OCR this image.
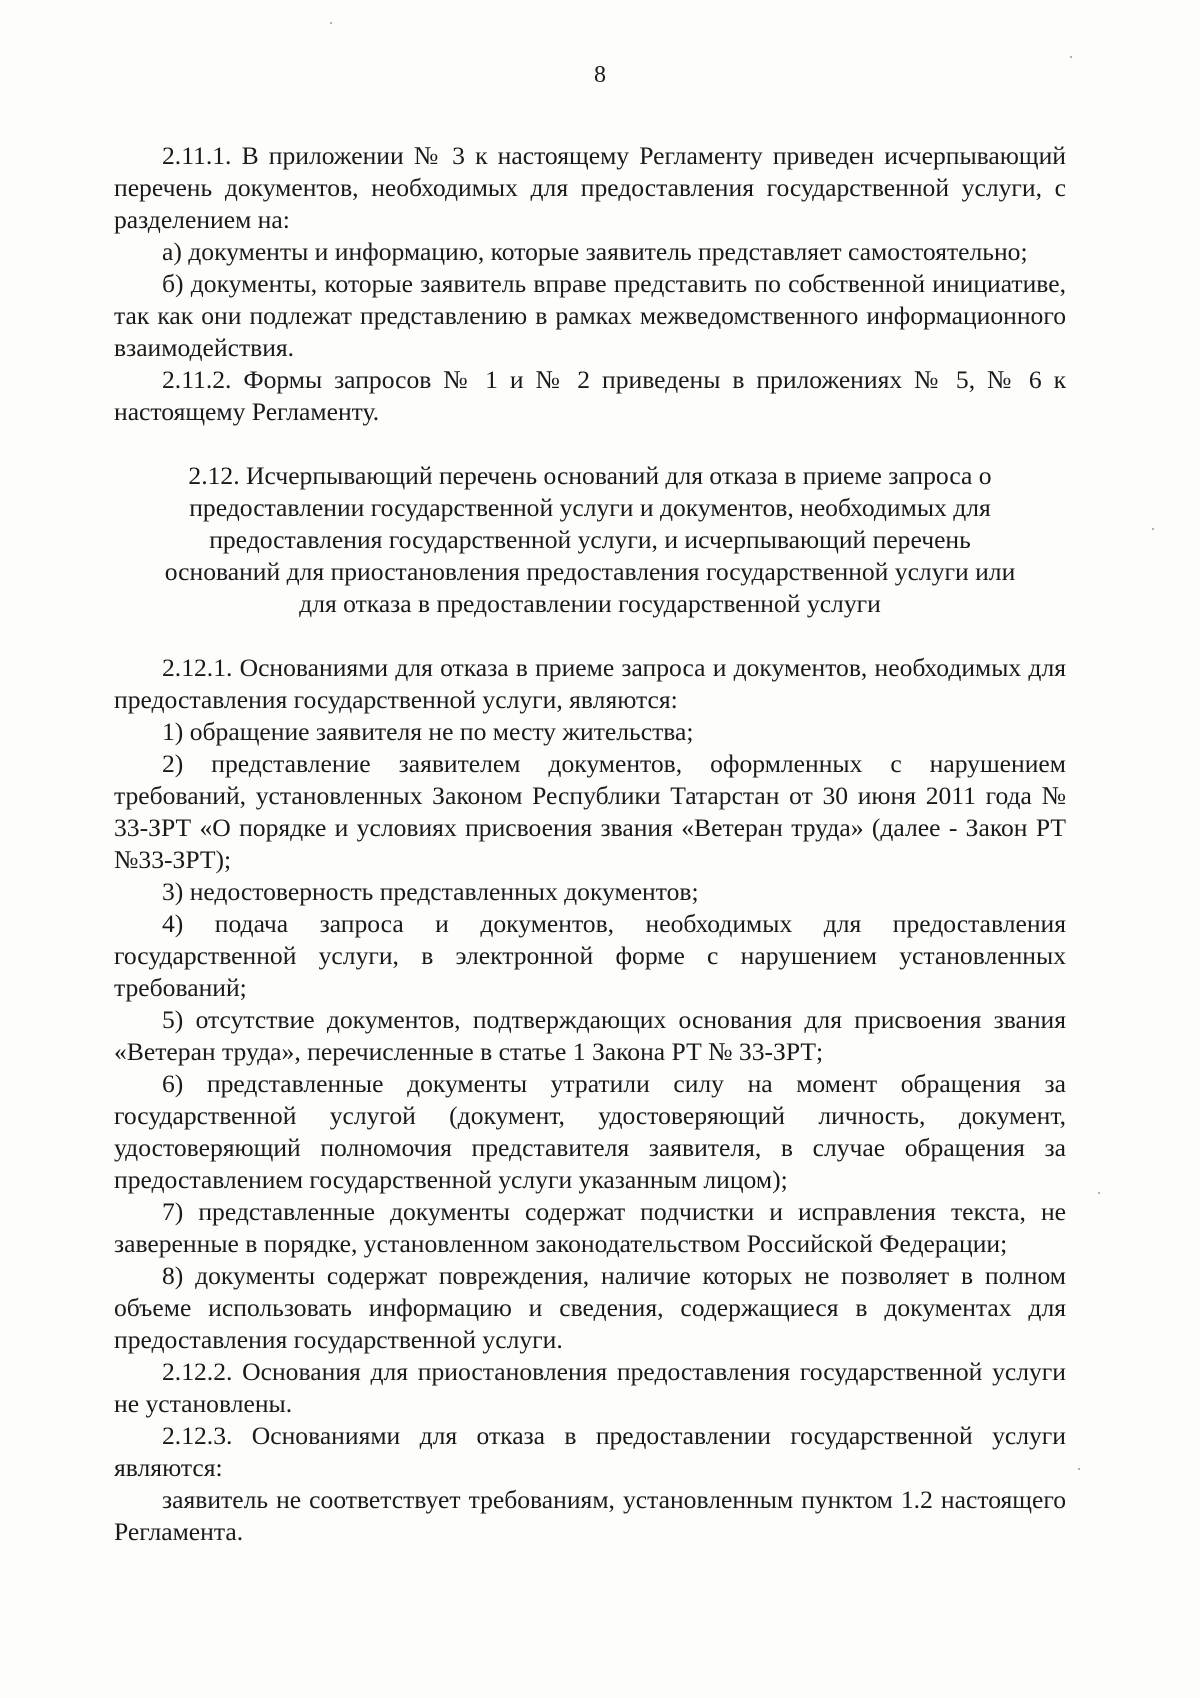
8

2.11.1. В приложении № 3 к настоящему Регламенту приведен исчерпывающий перечень документов, необходимых для предоставления государственной услуги, с разделением на:

а) документы и информацию, которые заявитель представляет самостоятельно;

б) документы, которые заявитель вправе представить по собственной инициативе, так как они подлежат представлению в рамках межведомственного информационного взаимодействия.

2.11.2. Формы запросов № 1 и № 2 приведены в приложениях № 5, № 6 к настоящему Регламенту.

2.12. Исчерпывающий перечень оснований для отказа в приеме запроса о предоставлении государственной услуги и документов, необходимых для предоставления государственной услуги, и исчерпывающий перечень оснований для приостановления предоставления государственной услуги или для отказа в предоставлении государственной услуги

2.12.1. Основаниями для отказа в приеме запроса и документов, необходимых для предоставления государственной услуги, являются:

1) обращение заявителя не по месту жительства;

2) представление заявителем документов, оформленных с нарушением требований, установленных Законом Республики Татарстан от 30 июня 2011 года № 33-ЗРТ «О порядке и условиях присвоения звания «Ветеран труда» (далее - Закон РТ №33-ЗРТ);

3) недостоверность представленных документов;

4) подача запроса и документов, необходимых для предоставления государственной услуги, в электронной форме с нарушением установленных требований;

5) отсутствие документов, подтверждающих основания для присвоения звания «Ветеран труда», перечисленные в статье 1 Закона РТ № 33-ЗРТ;

6) представленные документы утратили силу на момент обращения за государственной услугой (документ, удостоверяющий личность, документ, удостоверяющий полномочия представителя заявителя, в случае обращения за предоставлением государственной услуги указанным лицом);

7) представленные документы содержат подчистки и исправления текста, не заверенные в порядке, установленном законодательством Российской Федерации;

8) документы содержат повреждения, наличие которых не позволяет в полном объеме использовать информацию и сведения, содержащиеся в документах для предоставления государственной услуги.

2.12.2. Основания для приостановления предоставления государственной услуги не установлены.

2.12.3. Основаниями для отказа в предоставлении государственной услуги являются:

заявитель не соответствует требованиям, установленным пунктом 1.2 настоящего Регламента.
